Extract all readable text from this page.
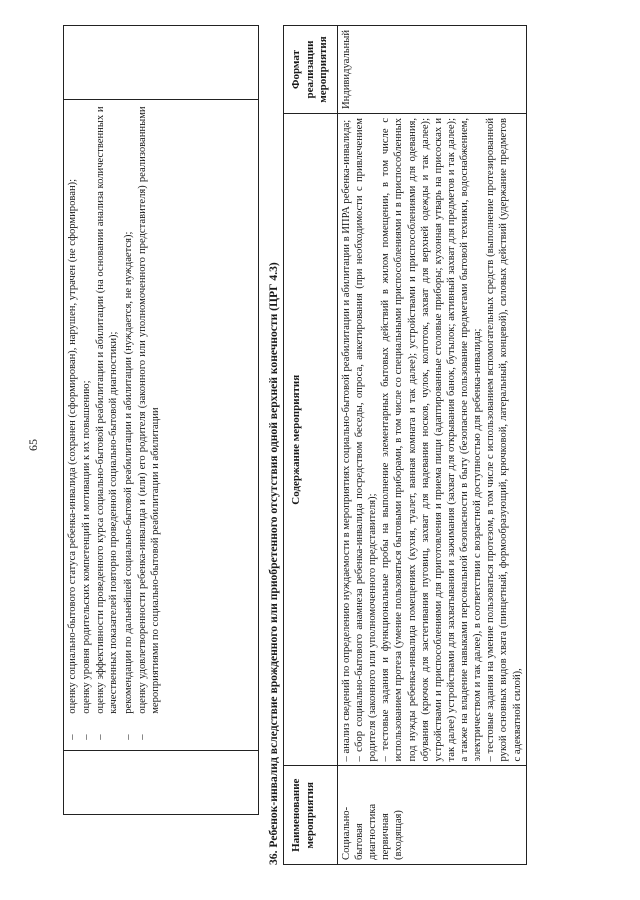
65

–
оценку социально-бытового статуса ребенка-инвалида (сохранен (сформирован), нарушен, утрачен (не сформирован);
–
оценку уровня родительских компетенций и мотивации к их повышению;
–
оценку эффективности проведенного курса социально-бытовой реабилитации и абилитации (на основании анализа количественных и качественных показателей повторно проведенной социально-бытовой диагностики);
–
рекомендации по дальнейшей социально-бытовой реабилитации и абилитации (нуждается, не нуждается);
–
оценку удовлетворенности ребенка-инвалида и (или) его родителя (законного или уполномоченного представителя) реализованными мероприятиями по социально-бытовой реабилитации и абилитации
		36. Ребенок-инвалид вследствие врожденного или приобретенного отсутствия одной верхней конечности (ЦРГ 4.3) Наименование мероприятия	Содержание мероприятия	Формат реализации мероприятия
Социально-бытовая диагностика первичная (входящая)	– анализ сведений по определению нуждаемости в мероприятиях социально-бытовой реабилитации и абилитации в ИПРА ребенка-инвалида; – сбор социально-бытового анамнеза ребенка-инвалида посредством беседы, опроса, анкетирования (при необходимости с привлечением родителя (законного или уполномоченного представителя); – тестовые задания и функциональные пробы на выполнение элементарных бытовых действий в жилом помещении, в том числе с использованием протеза (умение пользоваться бытовыми приборами, в том числе со специальными приспособлениями и в приспособленных под нужды ребенка-инвалида помещениях (кухня, туалет, ванная комната и так далее); устройствами и приспособлениями для одевания, обувания (крючок для застегивания пуговиц, захват для надевания носков, чулок, колготок, захват для верхней одежды и так далее); устройствами и приспособлениями для приготовления и приема пищи (адаптированные столовые приборы; кухонная утварь на присосках и так далее) устройствами для захватывания и зажимания (захват для открывания банок, бутылок; активный захват для предметов и так далее); а также на владение навыками персональной безопасности в быту (безопасное пользование предметами бытовой техники, водоснабжением, электричеством и так далее), в соответствии с возрастной доступностью для ребенка-инвалида; – тестовые задания на умение пользоваться протезом, в том числе с использованием вспомогательных средств (выполнение протезированной рукой основных видов хвата (пинцетный, формообразующий, крючковой, латеральный, концевой), силовых действий (удержание предметов с адекватной силой),	Индивидуальный
